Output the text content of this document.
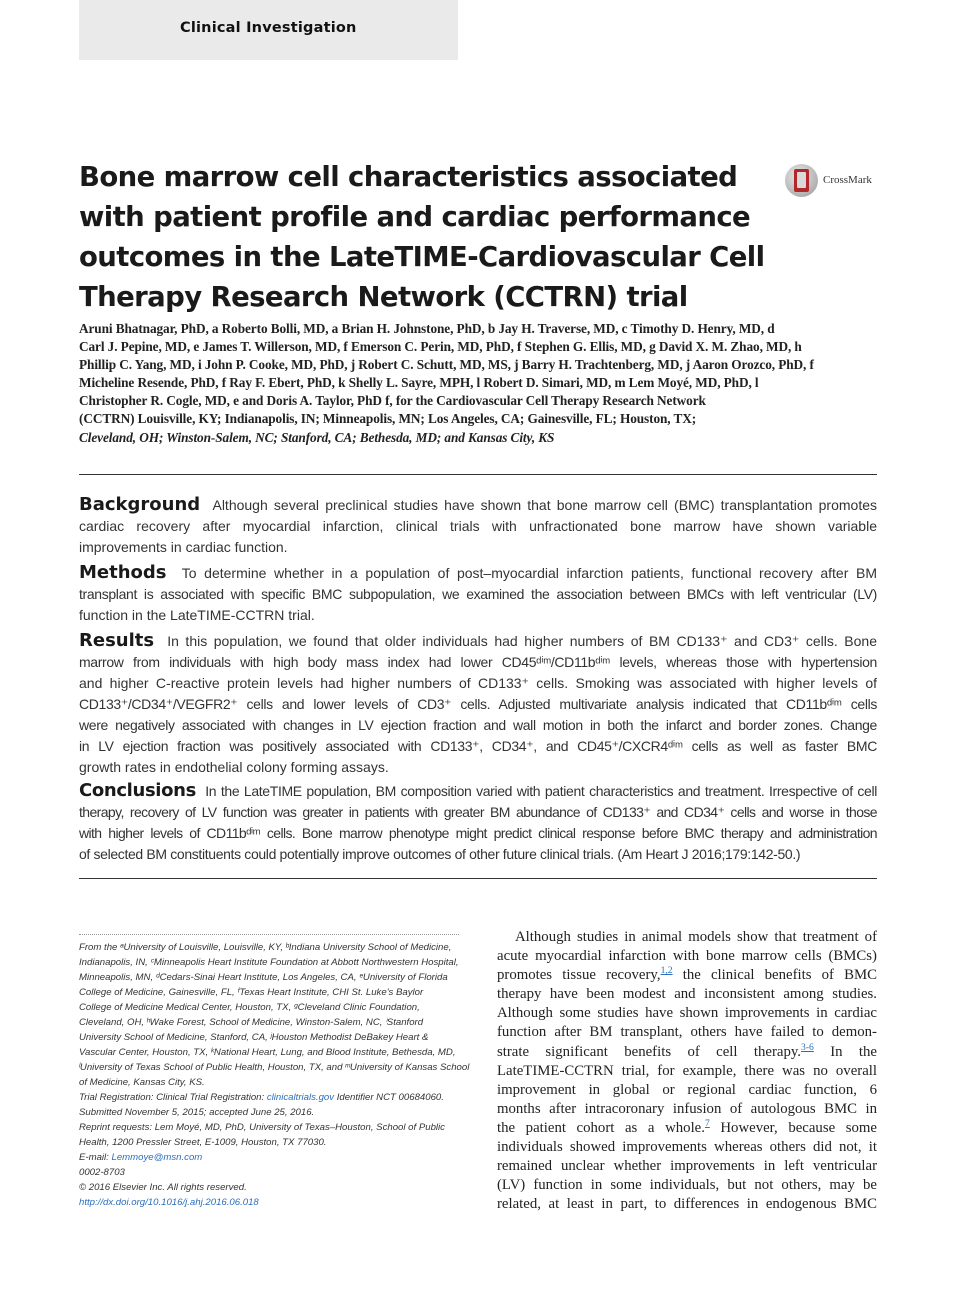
Clinical Investigation
Bone marrow cell characteristics associated
with patient profile and cardiac performance
outcomes in the LateTIME-Cardiovascular Cell
Therapy Research Network (CCTRN) trial
CrossMark
Aruni Bhatnagar, PhD, a Roberto Bolli, MD, a Brian H. Johnstone, PhD, b Jay H. Traverse, MD, c Timothy D. Henry, MD, d
Carl J. Pepine, MD, e James T. Willerson, MD, f Emerson C. Perin, MD, PhD, f Stephen G. Ellis, MD, g David X. M. Zhao, MD, h
Phillip C. Yang, MD, i John P. Cooke, MD, PhD, j Robert C. Schutt, MD, MS, j Barry H. Trachtenberg, MD, j Aaron Orozco, PhD, f
Micheline Resende, PhD, f Ray F. Ebert, PhD, k Shelly L. Sayre, MPH, l Robert D. Simari, MD, m Lem Moyé, MD, PhD, l
Christopher R. Cogle, MD, e and Doris A. Taylor, PhD f, for the Cardiovascular Cell Therapy Research Network
(CCTRN) Louisville, KY; Indianapolis, IN; Minneapolis, MN; Los Angeles, CA; Gainesville, FL; Houston, TX;
Cleveland, OH; Winston-Salem, NC; Stanford, CA; Bethesda, MD; and Kansas City, KS
Background Although several preclinical studies have shown that bone marrow cell (BMC) transplantation promotes
cardiac recovery after myocardial infarction, clinical trials with unfractionated bone marrow have shown variable
improvements in cardiac function.
Methods To determine whether in a population of post–myocardial infarction patients, functional recovery after BM
transplant is associated with specific BMC subpopulation, we examined the association between BMCs with left ventricular (LV)
function in the LateTIME-CCTRN trial.
Results In this population, we found that older individuals had higher numbers of BM CD133⁺ and CD3⁺ cells. Bone
marrow from individuals with high body mass index had lower CD45ᵈⁱᵐ/CD11bᵈⁱᵐ levels, whereas those with hypertension
and higher C-reactive protein levels had higher numbers of CD133⁺ cells. Smoking was associated with higher levels of
CD133⁺/CD34⁺/VEGFR2⁺ cells and lower levels of CD3⁺ cells. Adjusted multivariate analysis indicated that CD11bᵈⁱᵐ cells
were negatively associated with changes in LV ejection fraction and wall motion in both the infarct and border zones. Change
in LV ejection fraction was positively associated with CD133⁺, CD34⁺, and CD45⁺/CXCR4ᵈⁱᵐ cells as well as faster BMC
growth rates in endothelial colony forming assays.
Conclusions In the LateTIME population, BM composition varied with patient characteristics and treatment. Irrespective of cell
therapy, recovery of LV function was greater in patients with greater BM abundance of CD133⁺ and CD34⁺ cells and worse in those
with higher levels of CD11bᵈⁱᵐ cells. Bone marrow phenotype might predict clinical response before BMC therapy and administration
of selected BM constituents could potentially improve outcomes of other future clinical trials. (Am Heart J 2016;179:142-50.)
From the ᵃUniversity of Louisville, Louisville, KY, ᵇIndiana University School of Medicine,
Indianapolis, IN, ᶜMinneapolis Heart Institute Foundation at Abbott Northwestern Hospital,
Minneapolis, MN, ᵈCedars-Sinai Heart Institute, Los Angeles, CA, ᵉUniversity of Florida
College of Medicine, Gainesville, FL, ᶠTexas Heart Institute, CHI St. Luke's Baylor
College of Medicine Medical Center, Houston, TX, ᵍCleveland Clinic Foundation,
Cleveland, OH, ʰWake Forest, School of Medicine, Winston-Salem, NC, ⁱStanford
University School of Medicine, Stanford, CA, ʲHouston Methodist DeBakey Heart &
Vascular Center, Houston, TX, ᵏNational Heart, Lung, and Blood Institute, Bethesda, MD,
ˡUniversity of Texas School of Public Health, Houston, TX, and ᵐUniversity of Kansas School
of Medicine, Kansas City, KS.
Trial Registration: Clinical Trial Registration: clinicaltrials.gov Identifier NCT 00684060.
Submitted November 5, 2015; accepted June 25, 2016.
Reprint requests: Lem Moyé, MD, PhD, University of Texas–Houston, School of Public
Health, 1200 Pressler Street, E-1009, Houston, TX 77030.
E-mail: Lemmoye@msn.com
0002-8703
© 2016 Elsevier Inc. All rights reserved.
http://dx.doi.org/10.1016/j.ahj.2016.06.018
Although studies in animal models show that treatment of
acute myocardial infarction with bone marrow cells (BMCs)
promotes tissue recovery,$^{1,2}$ the clinical benefits of BMC
therapy have been modest and inconsistent among studies.
Although some studies have shown improvements in cardiac
function after BM transplant, others have failed to demon-
strate significant benefits of cell therapy.$^{3-6}$ In the
LateTIME-CCTRN trial, for example, there was no overall
improvement in global or regional cardiac function, 6
months after intracoronary infusion of autologous BMC in
the patient cohort as a whole.$^7$ However, because some
individuals showed improvements whereas others did not, it
remained unclear whether improvements in left ventricular
(LV) function in some individuals, but not others, may be
related, at least in part, to differences in endogenous BMC
